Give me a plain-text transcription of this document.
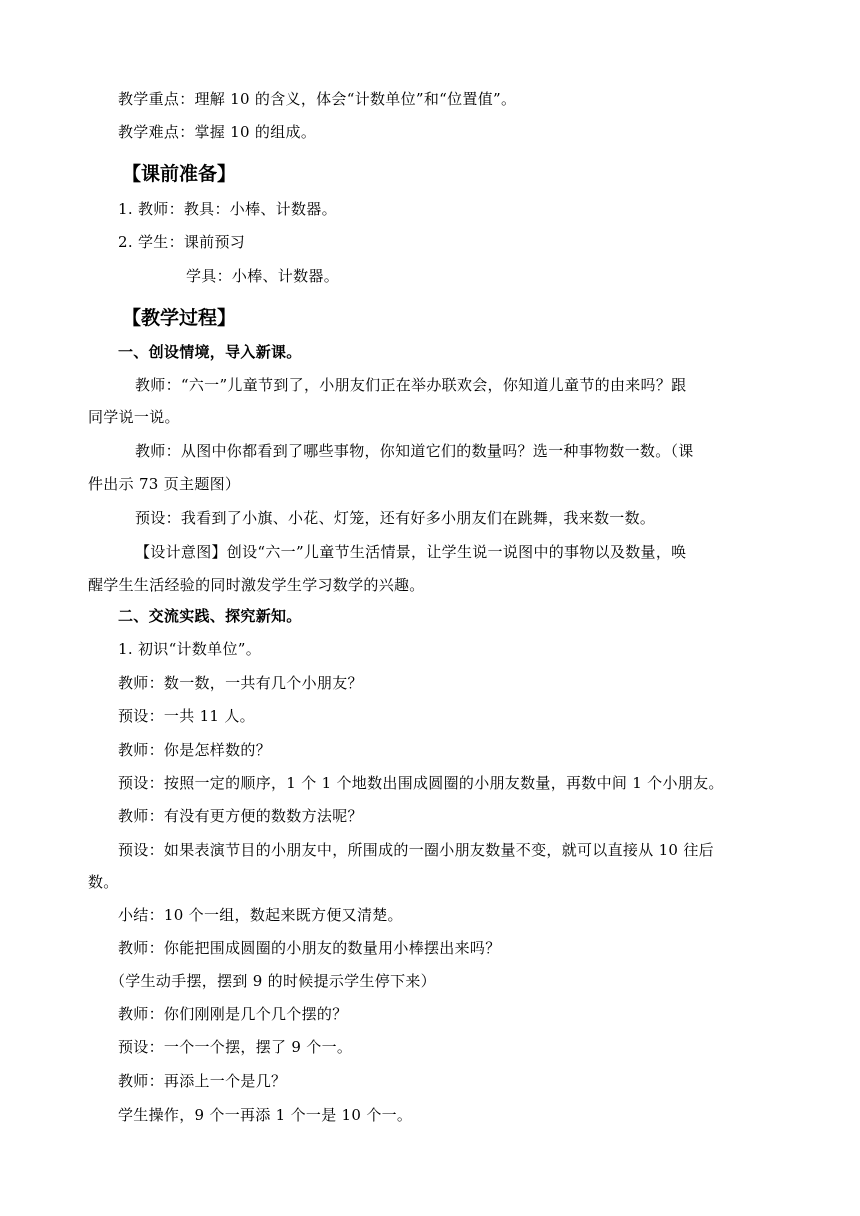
教学重点：理解 10 的含义，体会“计数单位”和“位置值”。
教学难点：掌握 10 的组成。
【课前准备】
1. 教师：教具：小棒、计数器。
2. 学生：课前预习
学具：小棒、计数器。
【教学过程】
一、创设情境，导入新课。
教师：“六一”儿童节到了，小朋友们正在举办联欢会，你知道儿童节的由来吗？跟
同学说一说。
教师：从图中你都看到了哪些事物，你知道它们的数量吗？选一种事物数一数。（课
件出示 73 页主题图）
预设：我看到了小旗、小花、灯笼，还有好多小朋友们在跳舞，我来数一数。
【设计意图】创设“六一”儿童节生活情景，让学生说一说图中的事物以及数量，唤
醒学生生活经验的同时激发学生学习数学的兴趣。
二、交流实践、探究新知。
1. 初识“计数单位”。
教师：数一数，一共有几个小朋友？
预设：一共 11 人。
教师：你是怎样数的？
预设：按照一定的顺序，1 个 1 个地数出围成圆圈的小朋友数量，再数中间 1 个小朋友。
教师：有没有更方便的数数方法呢？
预设：如果表演节目的小朋友中，所围成的一圈小朋友数量不变，就可以直接从 10 往后
数。
小结：10 个一组，数起来既方便又清楚。
教师：你能把围成圆圈的小朋友的数量用小棒摆出来吗？
（学生动手摆，摆到 9 的时候提示学生停下来）
教师：你们刚刚是几个几个摆的？
预设：一个一个摆，摆了 9 个一。
教师：再添上一个是几？
学生操作，9 个一再添 1 个一是 10 个一。
